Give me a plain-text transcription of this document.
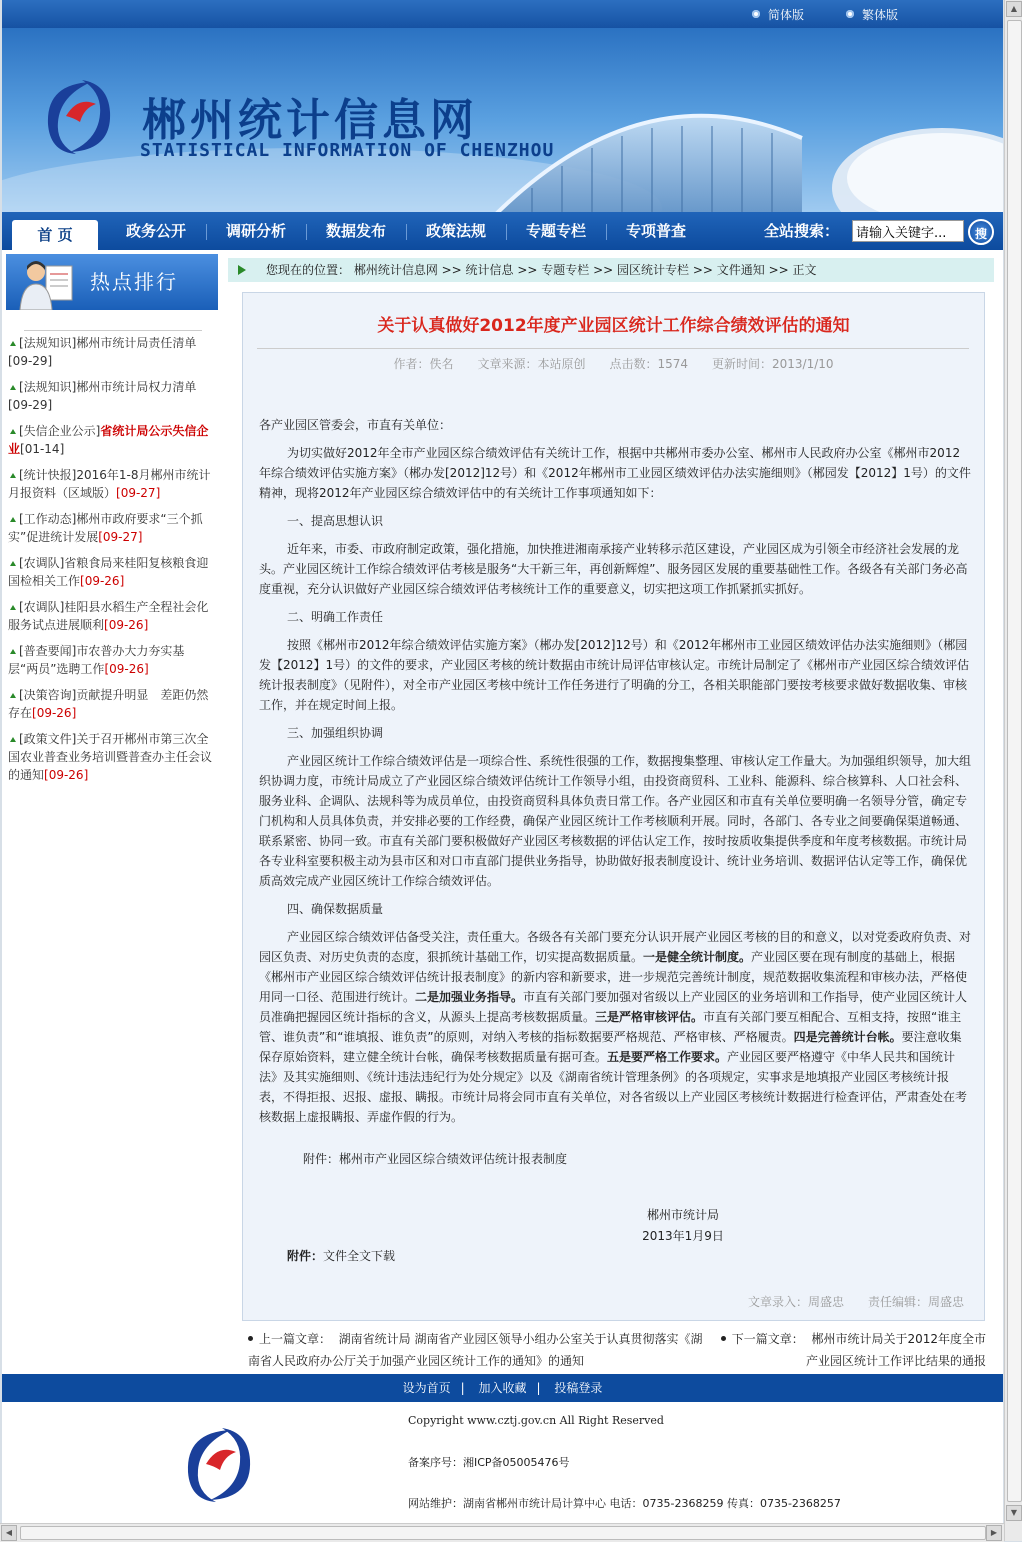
简体版	繁体版
郴州统计信息网
STATISTICAL INFORMATION OF CHENZHOU
首 页	政务公开	调研分析	数据发布	政策法规	专题专栏	专项普查	全站搜索：
请输入关键字...	搜
热点排行
[法规知识]郴州市统计局责任清单
[09-29]
[法规知识]郴州市统计局权力清单
[09-29]
[失信企业公示]省统计局公示失信企业[01-14]
[统计快报]2016年1-8月郴州市统计月报资料（区域版）[09-27]
[工作动态]郴州市政府要求“三个抓实”促进统计发展[09-27]
[农调队]省粮食局来桂阳复核粮食迎国检相关工作[09-26]
[农调队]桂阳县水稻生产全程社会化服务试点进展顺利[09-26]
[普查要闻]市农普办大力夯实基层“两员”选聘工作[09-26]
[决策咨询]贡献提升明显　差距仍然存在[09-26]
[政策文件]关于召开郴州市第三次全国农业普查业务培训暨普查办主任会议的通知[09-26]
您现在的位置： 郴州统计信息网 >> 统计信息 >> 专题专栏 >> 园区统计专栏 >> 文件通知 >> 正文
关于认真做好2012年度产业园区统计工作综合绩效评估的通知
作者：佚名　　文章来源：本站原创　　点击数：1574　　更新时间：2013/1/10

各产业园区管委会，市直有关单位：

为切实做好2012年全市产业园区综合绩效评估有关统计工作，根据中共郴州市委办公室、郴州市人民政府办公室《郴州市2012年综合绩效评估实施方案》（郴办发[2012]12号）和《2012年郴州市工业园区绩效评估办法实施细则》（郴园发【2012】1号）的文件精神，现将2012年产业园区综合绩效评估中的有关统计工作事项通知如下：

一、提高思想认识

近年来，市委、市政府制定政策，强化措施，加快推进湘南承接产业转移示范区建设，产业园区成为引领全市经济社会发展的龙头。产业园区统计工作综合绩效评估考核是服务“大干新三年，再创新辉煌”、服务园区发展的重要基础性工作。各级各有关部门务必高度重视，充分认识做好产业园区综合绩效评估考核统计工作的重要意义，切实把这项工作抓紧抓实抓好。

二、明确工作责任

按照《郴州市2012年综合绩效评估实施方案》（郴办发[2012]12号）和《2012年郴州市工业园区绩效评估办法实施细则》（郴园发【2012】1号）的文件的要求，产业园区考核的统计数据由市统计局评估审核认定。市统计局制定了《郴州市产业园区综合绩效评估统计报表制度》（见附件），对全市产业园区考核中统计工作任务进行了明确的分工，各相关职能部门要按考核要求做好数据收集、审核工作，并在规定时间上报。

三、加强组织协调

产业园区统计工作综合绩效评估是一项综合性、系统性很强的工作，数据搜集整理、审核认定工作量大。为加强组织领导，加大组织协调力度，市统计局成立了产业园区综合绩效评估统计工作领导小组，由投资商贸科、工业科、能源科、综合核算科、人口社会科、服务业科、企调队、法规科等为成员单位，由投资商贸科具体负责日常工作。各产业园区和市直有关单位要明确一名领导分管，确定专门机构和人员具体负责，并安排必要的工作经费，确保产业园区统计工作考核顺利开展。同时，各部门、各专业之间要确保渠道畅通、联系紧密、协同一致。市直有关部门要积极做好产业园区考核数据的评估认定工作，按时按质收集提供季度和年度考核数据。市统计局各专业科室要积极主动为县市区和对口市直部门提供业务指导，协助做好报表制度设计、统计业务培训、数据评估认定等工作，确保优质高效完成产业园区统计工作综合绩效评估。

四、确保数据质量

产业园区综合绩效评估备受关注，责任重大。各级各有关部门要充分认识开展产业园区考核的目的和意义，以对党委政府负责、对园区负责、对历史负责的态度，狠抓统计基础工作，切实提高数据质量。一是健全统计制度。产业园区要在现有制度的基础上，根据《郴州市产业园区综合绩效评估统计报表制度》的新内容和新要求，进一步规范完善统计制度，规范数据收集流程和审核办法，严格使用同一口径、范围进行统计。二是加强业务指导。市直有关部门要加强对省级以上产业园区的业务培训和工作指导，使产业园区统计人员准确把握园区统计指标的含义，从源头上提高考核数据质量。三是严格审核评估。市直有关部门要互相配合、互相支持，按照“谁主管、谁负责”和“谁填报、谁负责”的原则，对纳入考核的指标数据要严格规范、严格审核、严格履责。四是完善统计台帐。要注意收集保存原始资料，建立健全统计台帐，确保考核数据质量有据可查。五是要严格工作要求。产业园区要严格遵守《中华人民共和国统计法》及其实施细则、《统计违法违纪行为处分规定》以及《湖南省统计管理条例》的各项规定，实事求是地填报产业园区考核统计报表，不得拒报、迟报、虚报、瞒报。市统计局将会同市直有关单位，对各省级以上产业园区考核统计数据进行检查评估，严肃查处在考核数据上虚报瞒报、弄虚作假的行为。

附件：郴州市产业园区综合绩效评估统计报表制度

郴州市统计局
2013年1月9日
附件：文件全文下载
文章录入：周盛忠　　责任编辑：周盛忠
上一篇文章： 湖南省统计局 湖南省产业园区领导小组办公室关于认真贯彻落实《湖
南省人民政府办公厅关于加强产业园区统计工作的通知》的通知
下一篇文章： 郴州市统计局关于2012年度全市
产业园区统计工作评比结果的通报
设为首页 | 加入收藏 | 投稿登录
Copyright www.cztj.gov.cn All Right Reserved
备案序号：湘ICP备05005476号
网站维护：湖南省郴州市统计局计算中心 电话：0735-2368259 传真：0735-2368257
▲
▼
◀	▶
